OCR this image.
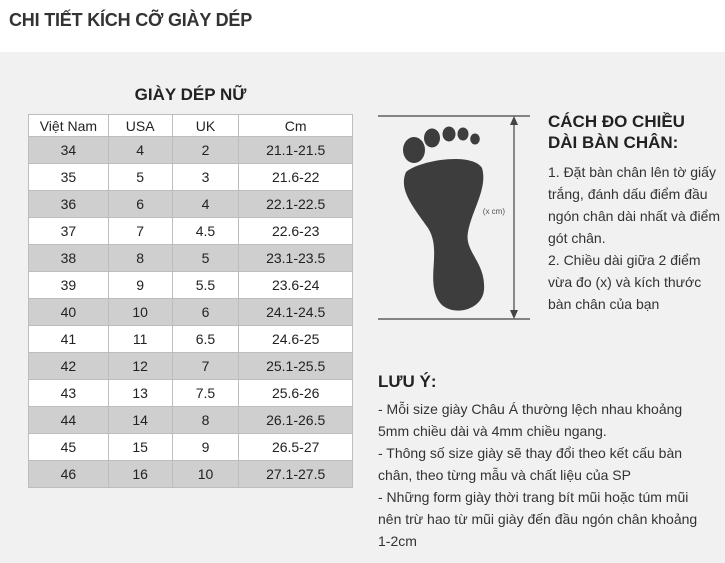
CHI TIẾT KÍCH CỠ GIÀY DÉP
GIÀY DÉP NỮ
Việt Nam	USA	UK	Cm
34	4	2	21.1-21.5
35	5	3	21.6-22
36	6	4	22.1-22.5
37	7	4.5	22.6-23
38	8	5	23.1-23.5
39	9	5.5	23.6-24
40	10	6	24.1-24.5
41	11	6.5	24.6-25
42	12	7	25.1-25.5
43	13	7.5	25.6-26
44	14	8	26.1-26.5
45	15	9	26.5-27
46	16	10	27.1-27.5
(x cm)
CÁCH ĐO CHIỀU DÀI BÀN CHÂN:

1. Đặt bàn chân lên tờ giấy trắng, đánh dấu điểm đầu ngón chân dài nhất và điểm gót chân.

2. Chiều dài giữa 2 điểm vừa đo (x) và kích thước bàn chân của bạn

LƯU Ý:

- Mỗi size giày Châu Á thường lệch nhau khoảng 5mm chiều dài và 4mm chiều ngang.

- Thông số size giày sẽ thay đổi theo kết cấu bàn chân, theo từng mẫu và chất liệu của SP

- Những form giày thời trang bít mũi hoặc túm mũi nên trừ hao từ mũi giày đến đầu ngón chân khoảng 1-2cm
